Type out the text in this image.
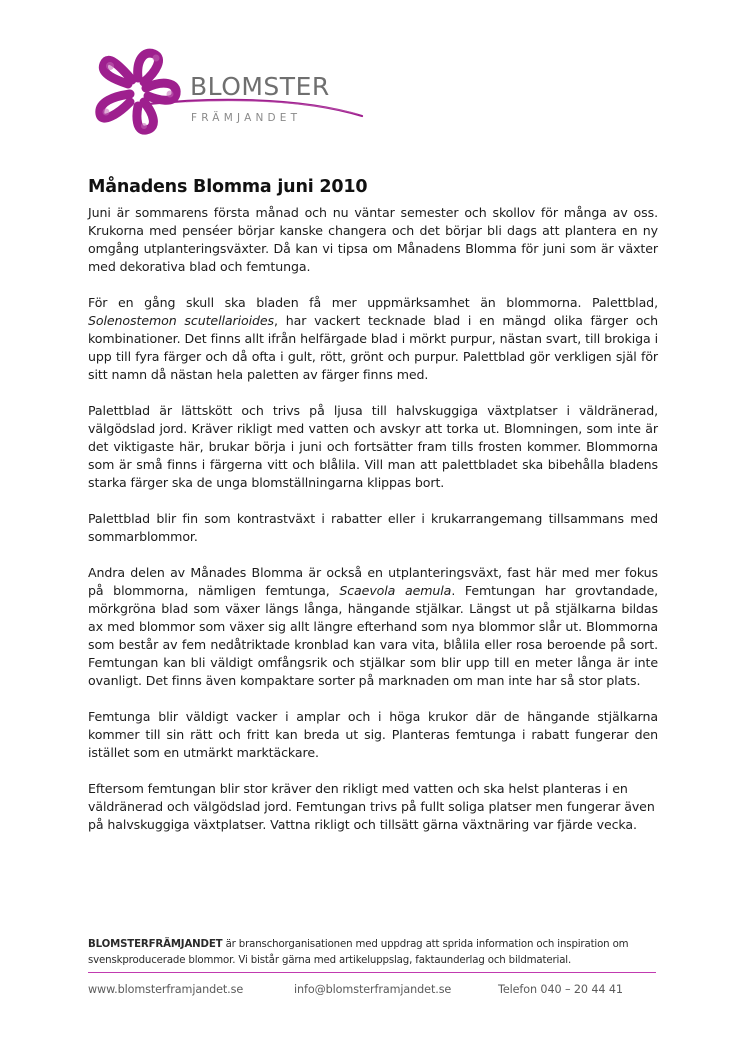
BLOMSTER
FRÄMJANDET
Månadens Blomma juni 2010

Juni är sommarens första månad och nu väntar semester och skollov för många av oss. Krukorna med penséer börjar kanske changera och det börjar bli dags att plantera en ny omgång utplanteringsväxter. Då kan vi tipsa om Månadens Blomma för juni som är växter med dekorativa blad och femtunga.

För en gång skull ska bladen få mer uppmärksamhet än blommorna. Palettblad, Solenostemon scutellarioides, har vackert tecknade blad i en mängd olika färger och kombinationer. Det finns allt ifrån helfärgade blad i mörkt purpur, nästan svart, till brokiga i upp till fyra färger och då ofta i gult, rött, grönt och purpur. Palettblad gör verkligen själ för sitt namn då nästan hela paletten av färger finns med.

Palettblad är lättskött och trivs på ljusa till halvskuggiga växtplatser i väldränerad, välgödslad jord. Kräver rikligt med vatten och avskyr att torka ut. Blomningen, som inte är det viktigaste här, brukar börja i juni och fortsätter fram tills frosten kommer. Blommorna som är små finns i färgerna vitt och blålila. Vill man att palettbladet ska bibehålla bladens starka färger ska de unga blomställningarna klippas bort.

Palettblad blir fin som kontrastväxt i rabatter eller i krukarrangemang tillsammans med sommarblommor.

Andra delen av Månades Blomma är också en utplanteringsväxt, fast här med mer fokus på blommorna, nämligen femtunga, Scaevola aemula. Femtungan har grovtandade, mörkgröna blad som växer längs långa, hängande stjälkar. Längst ut på stjälkarna bildas ax med blommor som växer sig allt längre efterhand som nya blommor slår ut. Blommorna som består av fem nedåtriktade kronblad kan vara vita, blålila eller rosa beroende på sort. Femtungan kan bli väldigt omfångsrik och stjälkar som blir upp till en meter långa är inte ovanligt. Det finns även kompaktare sorter på marknaden om man inte har så stor plats.

Femtunga blir väldigt vacker i amplar och i höga krukor där de hängande stjälkarna kommer till sin rätt och fritt kan breda ut sig. Planteras femtunga i rabatt fungerar den istället som en utmärkt marktäckare.

Eftersom femtungan blir stor kräver den rikligt med vatten och ska helst planteras i en väldränerad och välgödslad jord. Femtungan trivs på fullt soliga platser men fungerar även på halvskuggiga växtplatser. Vattna rikligt och tillsätt gärna växtnäring var fjärde vecka.

BLOMSTERFRÄMJANDET är branschorganisationen med uppdrag att sprida information och inspiration om svenskproducerade blommor. Vi bistår gärna med artikeluppslag, faktaunderlag och bildmaterial.
www.blomsterframjandet.se	info@blomsterframjandet.se	Telefon 040 – 20 44 41
